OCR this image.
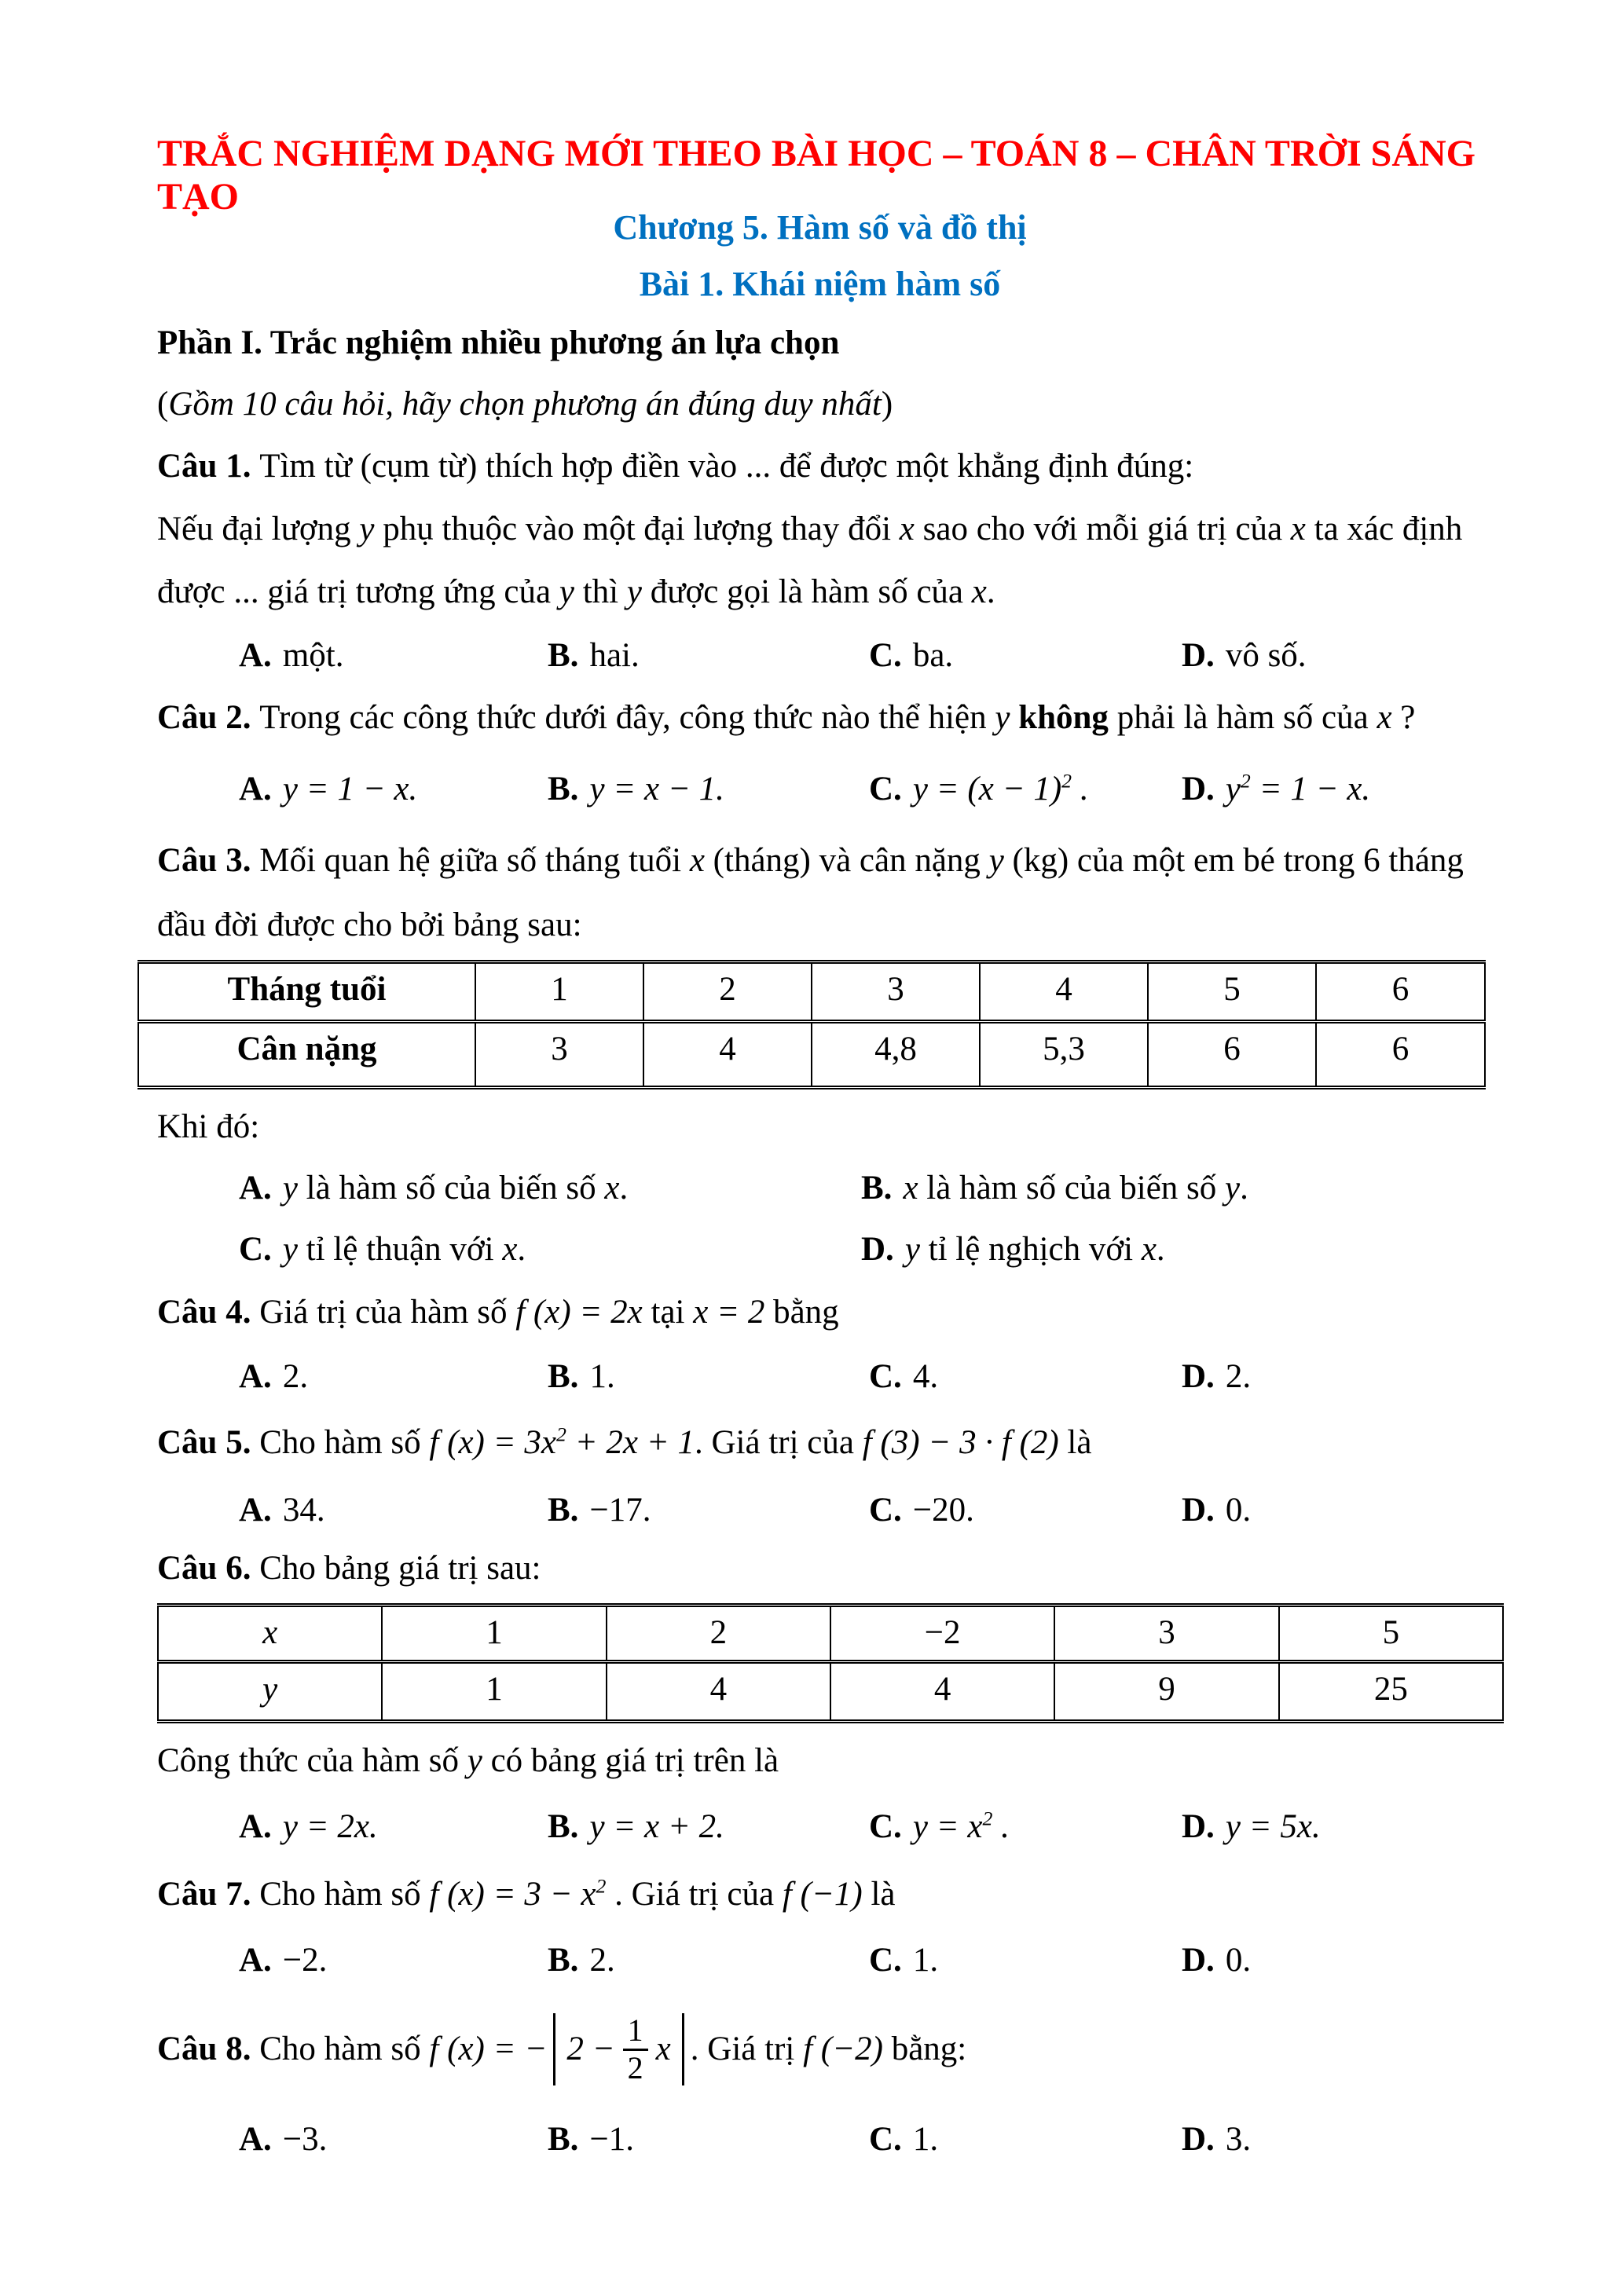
TRẮC NGHIỆM DẠNG MỚI THEO BÀI HỌC – TOÁN 8 – CHÂN TRỜI SÁNG TẠO
Chương 5. Hàm số và đồ thị
Bài 1. Khái niệm hàm số
Phần I. Trắc nghiệm nhiều phương án lựa chọn
(Gồm 10 câu hỏi, hãy chọn phương án đúng duy nhất)
Câu 1. Tìm từ (cụm từ) thích hợp điền vào ... để được một khẳng định đúng:
Nếu đại lượng y phụ thuộc vào một đại lượng thay đổi x sao cho với mỗi giá trị của x ta xác định
được ... giá trị tương ứng của y thì y được gọi là hàm số của x.
A. một.	B. hai.	C. ba.	D. vô số.
Câu 2. Trong các công thức dưới đây, công thức nào thể hiện y không phải là hàm số của x ?
A. y = 1 − x.	B. y = x − 1.	C. $y = (x - 1)^2$ .	D. $y^2 = 1 - x$.
Câu 3. Mối quan hệ giữa số tháng tuổi x (tháng) và cân nặng y (kg) của một em bé trong 6 tháng
đầu đời được cho bởi bảng sau:
Tháng tuổi	1	2	3	4	5	6
Cân nặng	3	4	4,8	5,3	6	6
Khi đó:
A. y là hàm số của biến số x.	B. x là hàm số của biến số y.
C. y tỉ lệ thuận với x.	D. y tỉ lệ nghịch với x.
Câu 4. Giá trị của hàm số f (x) = 2x tại x = 2 bằng
A. 2.	B. 1.	C. 4.	D. 2.
Câu 5. Cho hàm số f $(x) = 3x^2 + 2x + 1$. Giá trị của f (3) − 3 · f (2) là
A. 34.	B. −17.	C. −20.	D. 0.
Câu 6. Cho bảng giá trị sau:
x	1	2	−2	3	5
y	1	4	4	9	25
Công thức của hàm số y có bảng giá trị trên là
A. y = 2x.	B. y = x + 2.	C. $y = x^2$ .	D. y = 5x.
Câu 7. Cho hàm số f $(x) = 3 - x^2$ . Giá trị của f (−1) là
A. −2.	B. 2.	C. 1.	D. 0.
Câu 8. Cho hàm số f (x) = − $2 - \frac{1}{2}$ x . Giá trị f (−2) bằng:
A. −3.	B. −1.	C. 1.	D. 3.
